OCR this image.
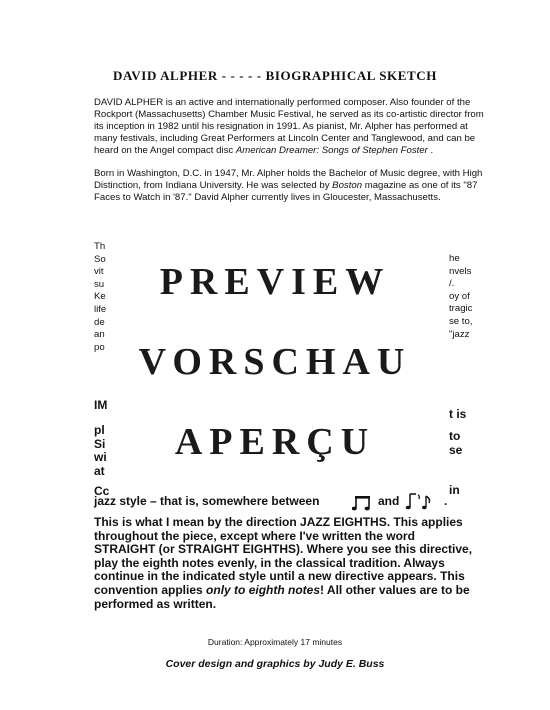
DAVID ALPHER - - - - - BIOGRAPHICAL SKETCH

DAVID ALPHER is an active and internationally performed composer. Also founder of the Rockport (Massachusetts) Chamber Music Festival, he served as its co-artistic director from its inception in 1982 until his resignation in 1991. As pianist, Mr. Alpher has performed at many festivals, including Great Performers at Lincoln Center and Tanglewood, and can be heard on the Angel compact disc American Dreamer: Songs of Stephen Foster .

Born in Washington, D.C. in 1947, Mr. Alpher holds the Bachelor of Music degree, with High Distinction, from Indiana University. He was selected by Boston magazine as one of its "87 Faces to Watch in '87." David Alpher currently lives in Gloucester, Massachusetts.

Th
So
vit
su
Ke
life
de
an
po
he
nvels
/.
oy of
tragic
se to,
"jazz
IM
pl
Si
wi
at
Cc
t is
to
se
in
PREVIEW
VORSCHAU
APERÇU
jazz style – that is, somewhere between	and	.

This is what I mean by the direction JAZZ EIGHTHS. This applies throughout the piece, except where I've written the word STRAIGHT (or STRAIGHT EIGHTHS). Where you see this directive, play the eighth notes evenly, in the classical tradition. Always continue in the indicated style until a new directive appears. This convention applies only to eighth notes! All other values are to be performed as written.

Duration: Approximately 17 minutes
Cover design and graphics by Judy E. Buss
